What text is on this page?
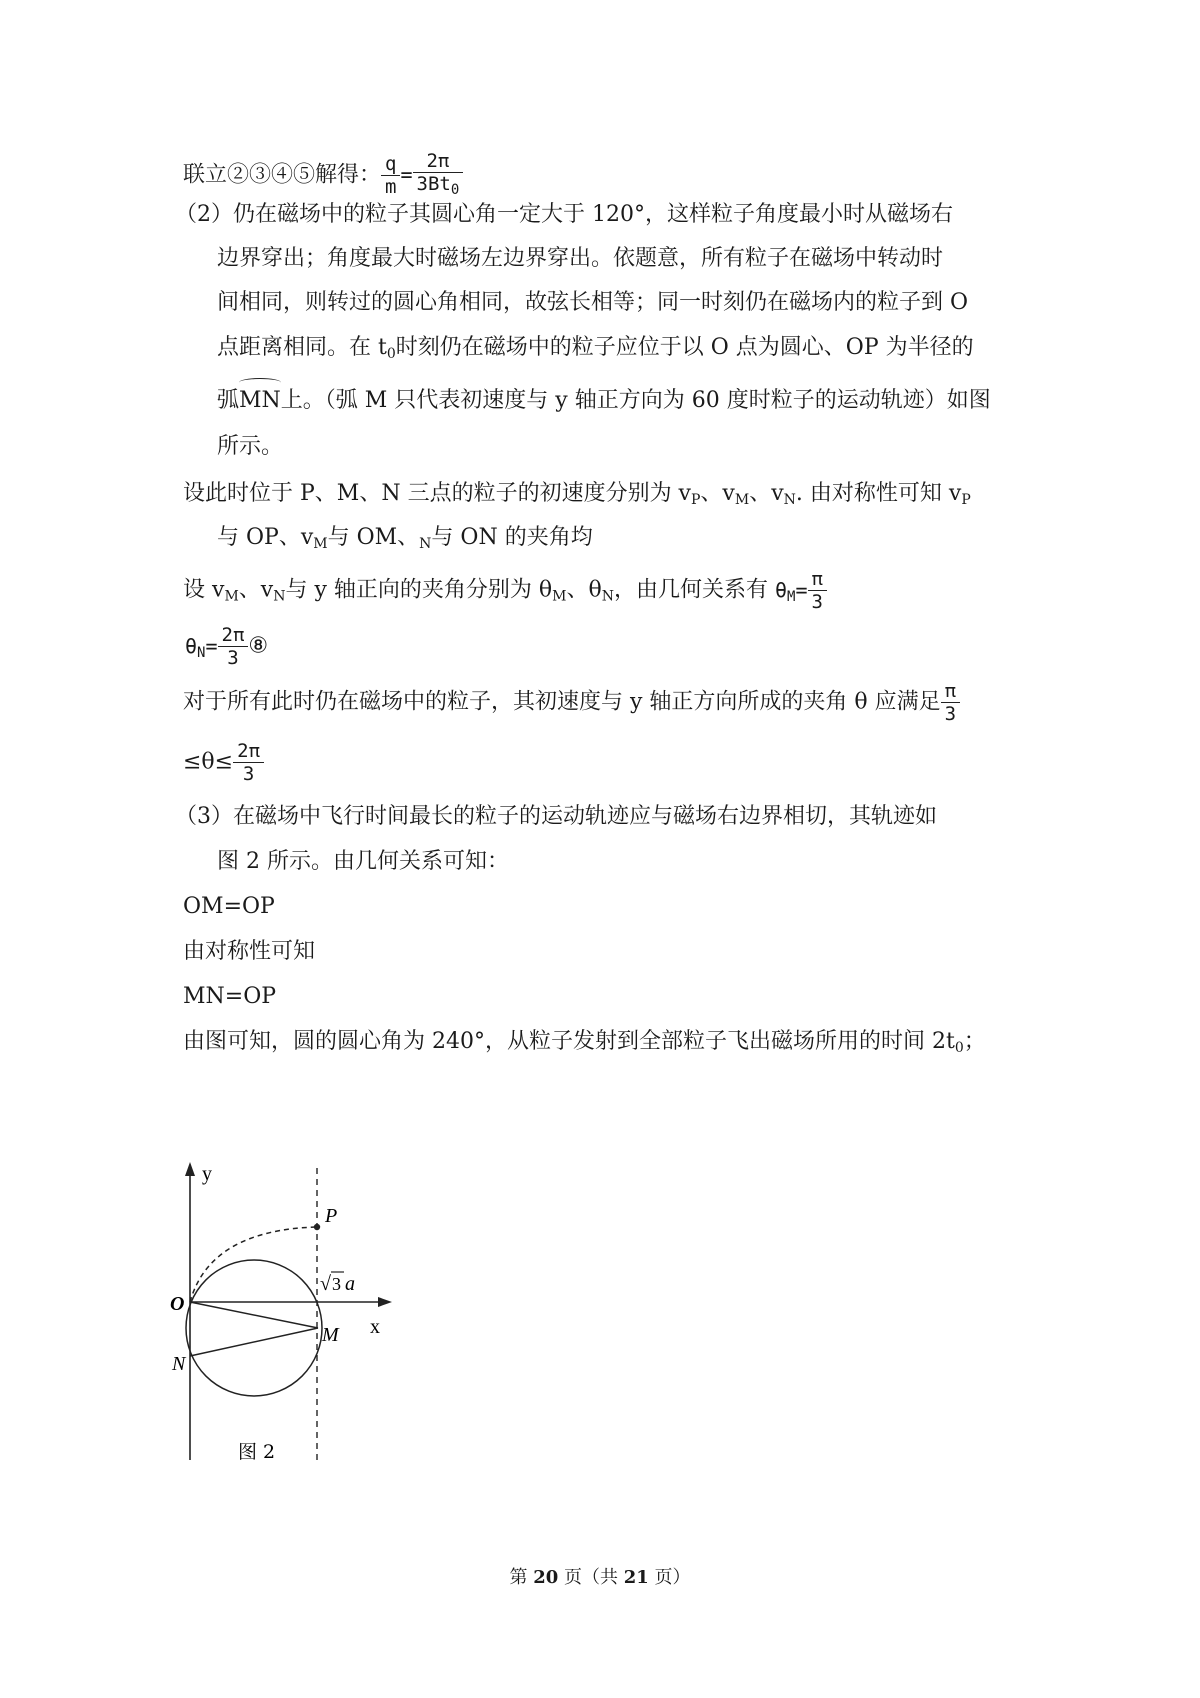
联立②③④⑤解得： $\frac{q}{m} = \frac{2\pi}{3Bt_0}$
（2）仍在磁场中的粒子其圆心角一定大于 120°，这样粒子角度最小时从磁场右
边界穿出；角度最大时磁场左边界穿出。依题意，所有粒子在磁场中转动时
间相同，则转过的圆心角相同，故弦长相等；同一时刻仍在磁场内的粒子到 O
点距离相同。在 $t_0$时刻仍在磁场中的粒子应位于以 O 点为圆心、OP 为半径的
弧
MN上。（弧 M 只代表初速度与 y 轴正方向为 60 度时粒子的运动轨迹）如图
所示。
设此时位于 P、M、N 三点的粒子的初速度分别为 $v_P$、$v_M$、$v_N$. 由对称性可知 $v_P$
与 OP、$v_M$与 OM、$_N$与 ON 的夹角均
设 $v_M$、$v_N$与 y 轴正向的夹角分别为 $\theta_M$、$\theta_N$，由几何关系有 $\theta_M= \frac{\pi}{3}$
$\theta_N= \frac{2\pi}{3}$ ⑧
对于所有此时仍在磁场中的粒子，其初速度与 y 轴正方向所成的夹角 θ 应满足 $\frac{\pi}{3}$
$\le\theta\le \frac{2\pi}{3}$
（3）在磁场中飞行时间最长的粒子的运动轨迹应与磁场右边界相切，其轨迹如
图 2 所示。由几何关系可知：
OM=OP
由对称性可知
MN=OP
由图可知，圆的圆心角为 240°，从粒子发射到全部粒子飞出磁场所用的时间 $2t_0$；
y
x
O
P
M
N
√ 3 a
图 2
第 20 页（共 21 页）
